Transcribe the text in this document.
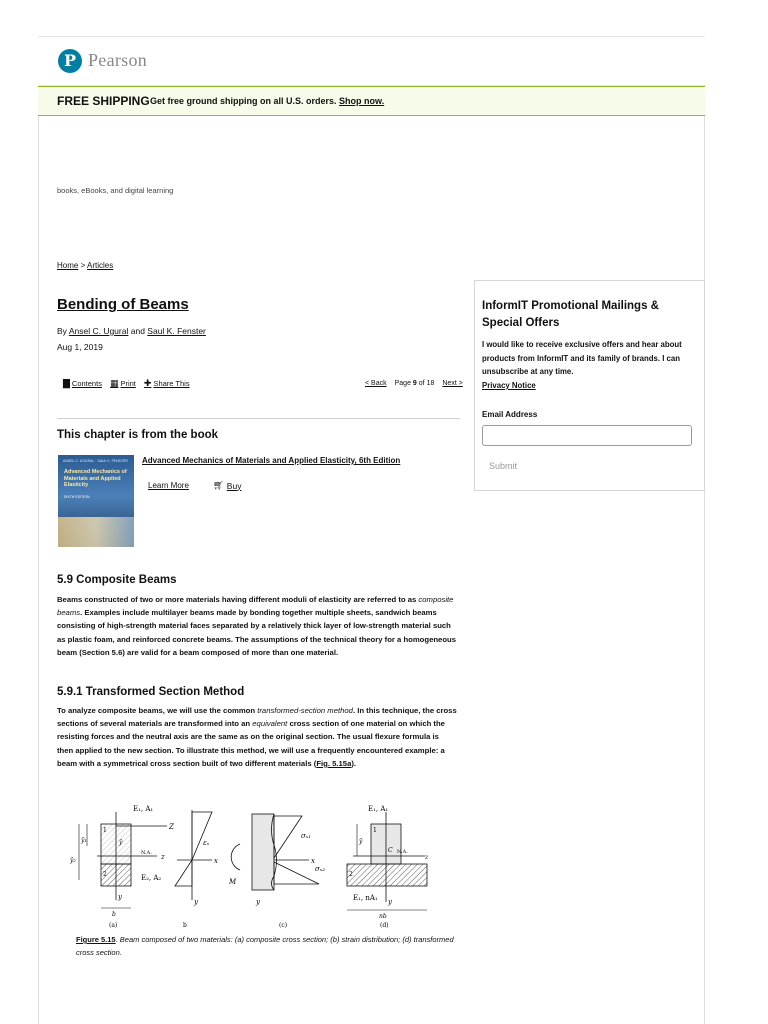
P Pearson
FREE SHIPPING Get free ground shipping on all U.S. orders. Shop now.
books, eBooks, and digital learning
Home > Articles
Bending of Beams
By Ansel C. Ugural and Saul K. Fenster
Aug 1, 2019
▇ Contents ▦ Print ✚ Share This	< Back Page 9 of 18 Next >
This chapter is from the book
ANSEL C. UGURAL · SAUL K. FENSTER
Advanced Mechanics of Materials and Applied Elasticity
SIXTH EDITION
Advanced Mechanics of Materials and Applied Elasticity, 6th Edition
Learn More	🛒︎ Buy
5.9 Composite Beams

Beams constructed of two or more materials having different moduli of elasticity are referred to as composite beams. Examples include multilayer beams made by bonding together multiple sheets, sandwich beams consisting of high-strength material faces separated by a relatively thick layer of low-strength material such as plastic foam, and reinforced concrete beams. The assumptions of the technical theory for a homogeneous beam (Section 5.6) are valid for a beam composed of more than one material.

5.9.1 Transformed Section Method

To analyze composite beams, we will use the common transformed-section method. In this technique, the cross sections of several materials are transformed into an equivalent cross section of one material on which the resisting forces and the neutral axis are the same as on the original section. The usual flexure formula is then applied to the new section. To illustrate this method, we will use a frequently encountered example: a beam with a symmetrical cross section built of two different materials (Fig. 5.15a).

E₁, A₁
Z
z
N.A.
y
E₂, A₂
1
2
ȳ₁
ȳ₂
ȳ
b
(a)
εₓ
x
y
b
σₓ₁
σₓ₂
x
M
y
(c)
E₁, A₁
1
2
ȳ
C N.A.
z
E₁, nA₁ y
nb
(d)

Figure 5.15. Beam composed of two materials: (a) composite cross section; (b) strain distribution; (d) transformed cross section.

InformIT Promotional Mailings & Special Offers
I would like to receive exclusive offers and hear about products from InformIT and its family of brands. I can unsubscribe at any time.
Privacy Notice
Email Address
Submit
